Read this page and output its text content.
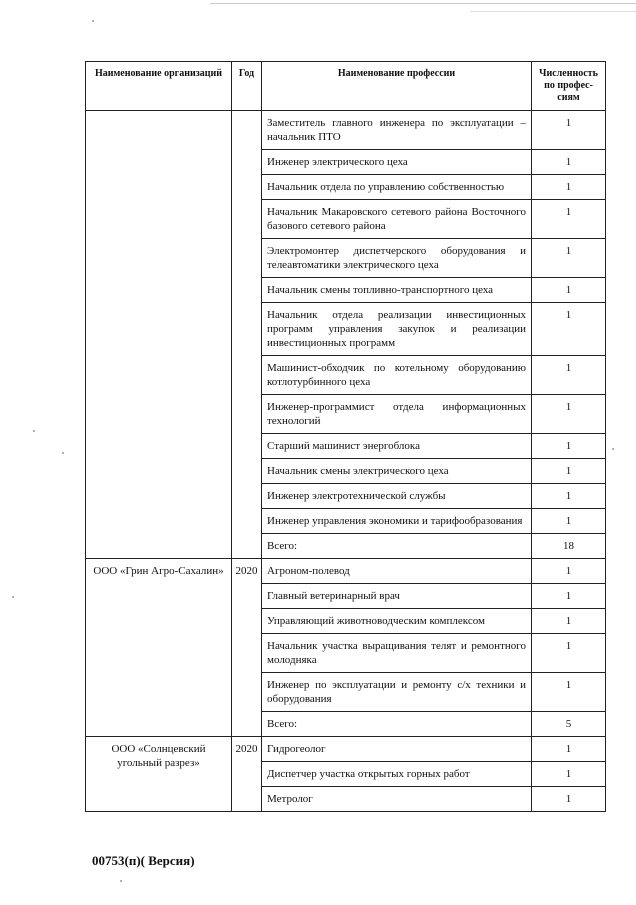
Наименование организаций	Год	Наименование профессии	Численность по профес- сиям
		Заместитель главного инженера по эксплуатации – начальник ПТО	1
		Инженер электрического цеха	1
		Начальник отдела по управлению собственностью	1
		Начальник Макаровского сетевого района Восточного базового сетевого района	1
		Электромонтер диспетчерского оборудования и телеавтоматики электрического цеха	1
		Начальник смены топливно-транспортного цеха	1
		Начальник отдела реализации инвестиционных программ управления закупок и реализации инвестиционных программ	1
		Машинист-обходчик по котельному оборудованию котлотурбинного цеха	1
		Инженер-программист отдела информационных технологий	1
		Старший машинист энергоблока	1
		Начальник смены электрического цеха	1
		Инженер электротехнической службы	1
		Инженер управления экономики и тарифообразования	1
		Всего:	18
ООО «Грин Агро-Сахалин»	2020	Агроном-полевод	1
		Главный ветеринарный врач	1
		Управляющий животноводческим комплексом	1
		Начальник участка выращивания телят и ремонтного молодняка	1
		Инженер по эксплуатации и ремонту с/х техники и оборудования	1
		Всего:	5
ООО «Солнцевский угольный разрез»	2020	Гидрогеолог	1
		Диспетчер участка открытых горных работ	1
		Метролог	1
00753(п)( Версия)
